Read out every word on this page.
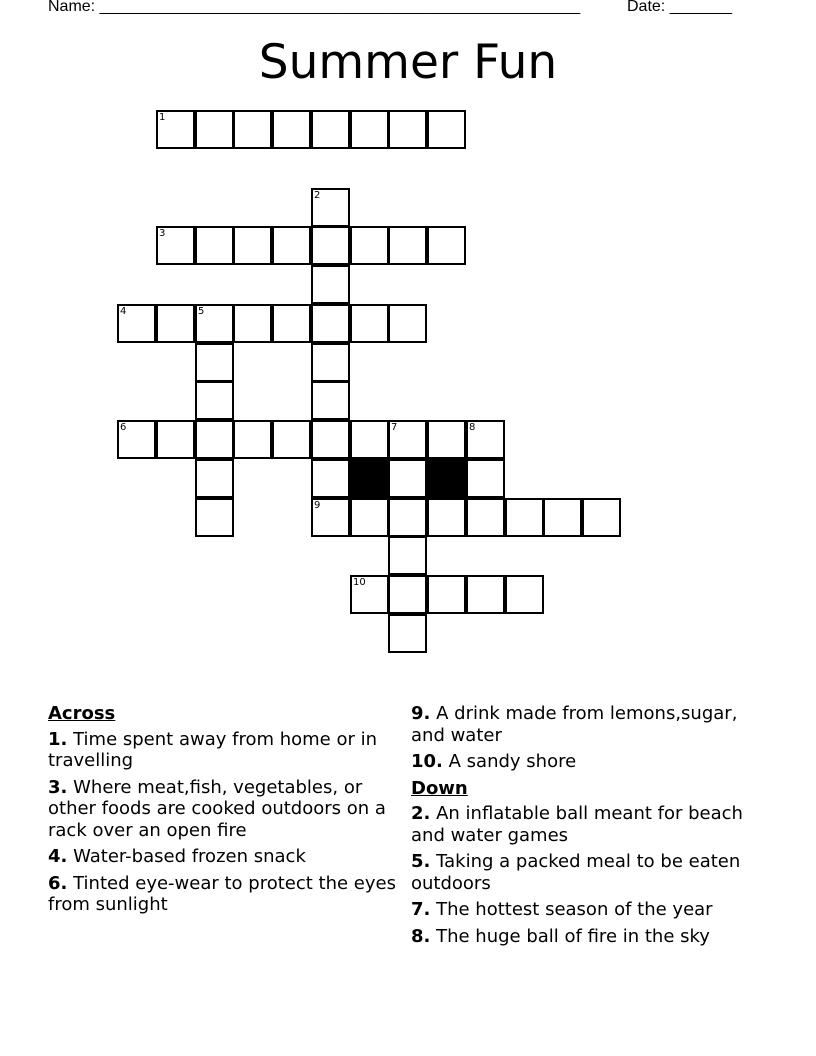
Name: ______________________________________________________	Date: _______
Summer Fun
1
2
3
4	5
6	7	8
9
10
Across
1. Time spent away from home or in travelling
3. Where meat,fish, vegetables, or other foods are cooked outdoors on a rack over an open fire
4. Water-based frozen snack
6. Tinted eye-wear to protect the eyes from sunlight
9. A drink made from lemons,sugar, and water
10. A sandy shore
Down
2. An inflatable ball meant for beach and water games
5. Taking a packed meal to be eaten outdoors
7. The hottest season of the year
8. The huge ball of fire in the sky
